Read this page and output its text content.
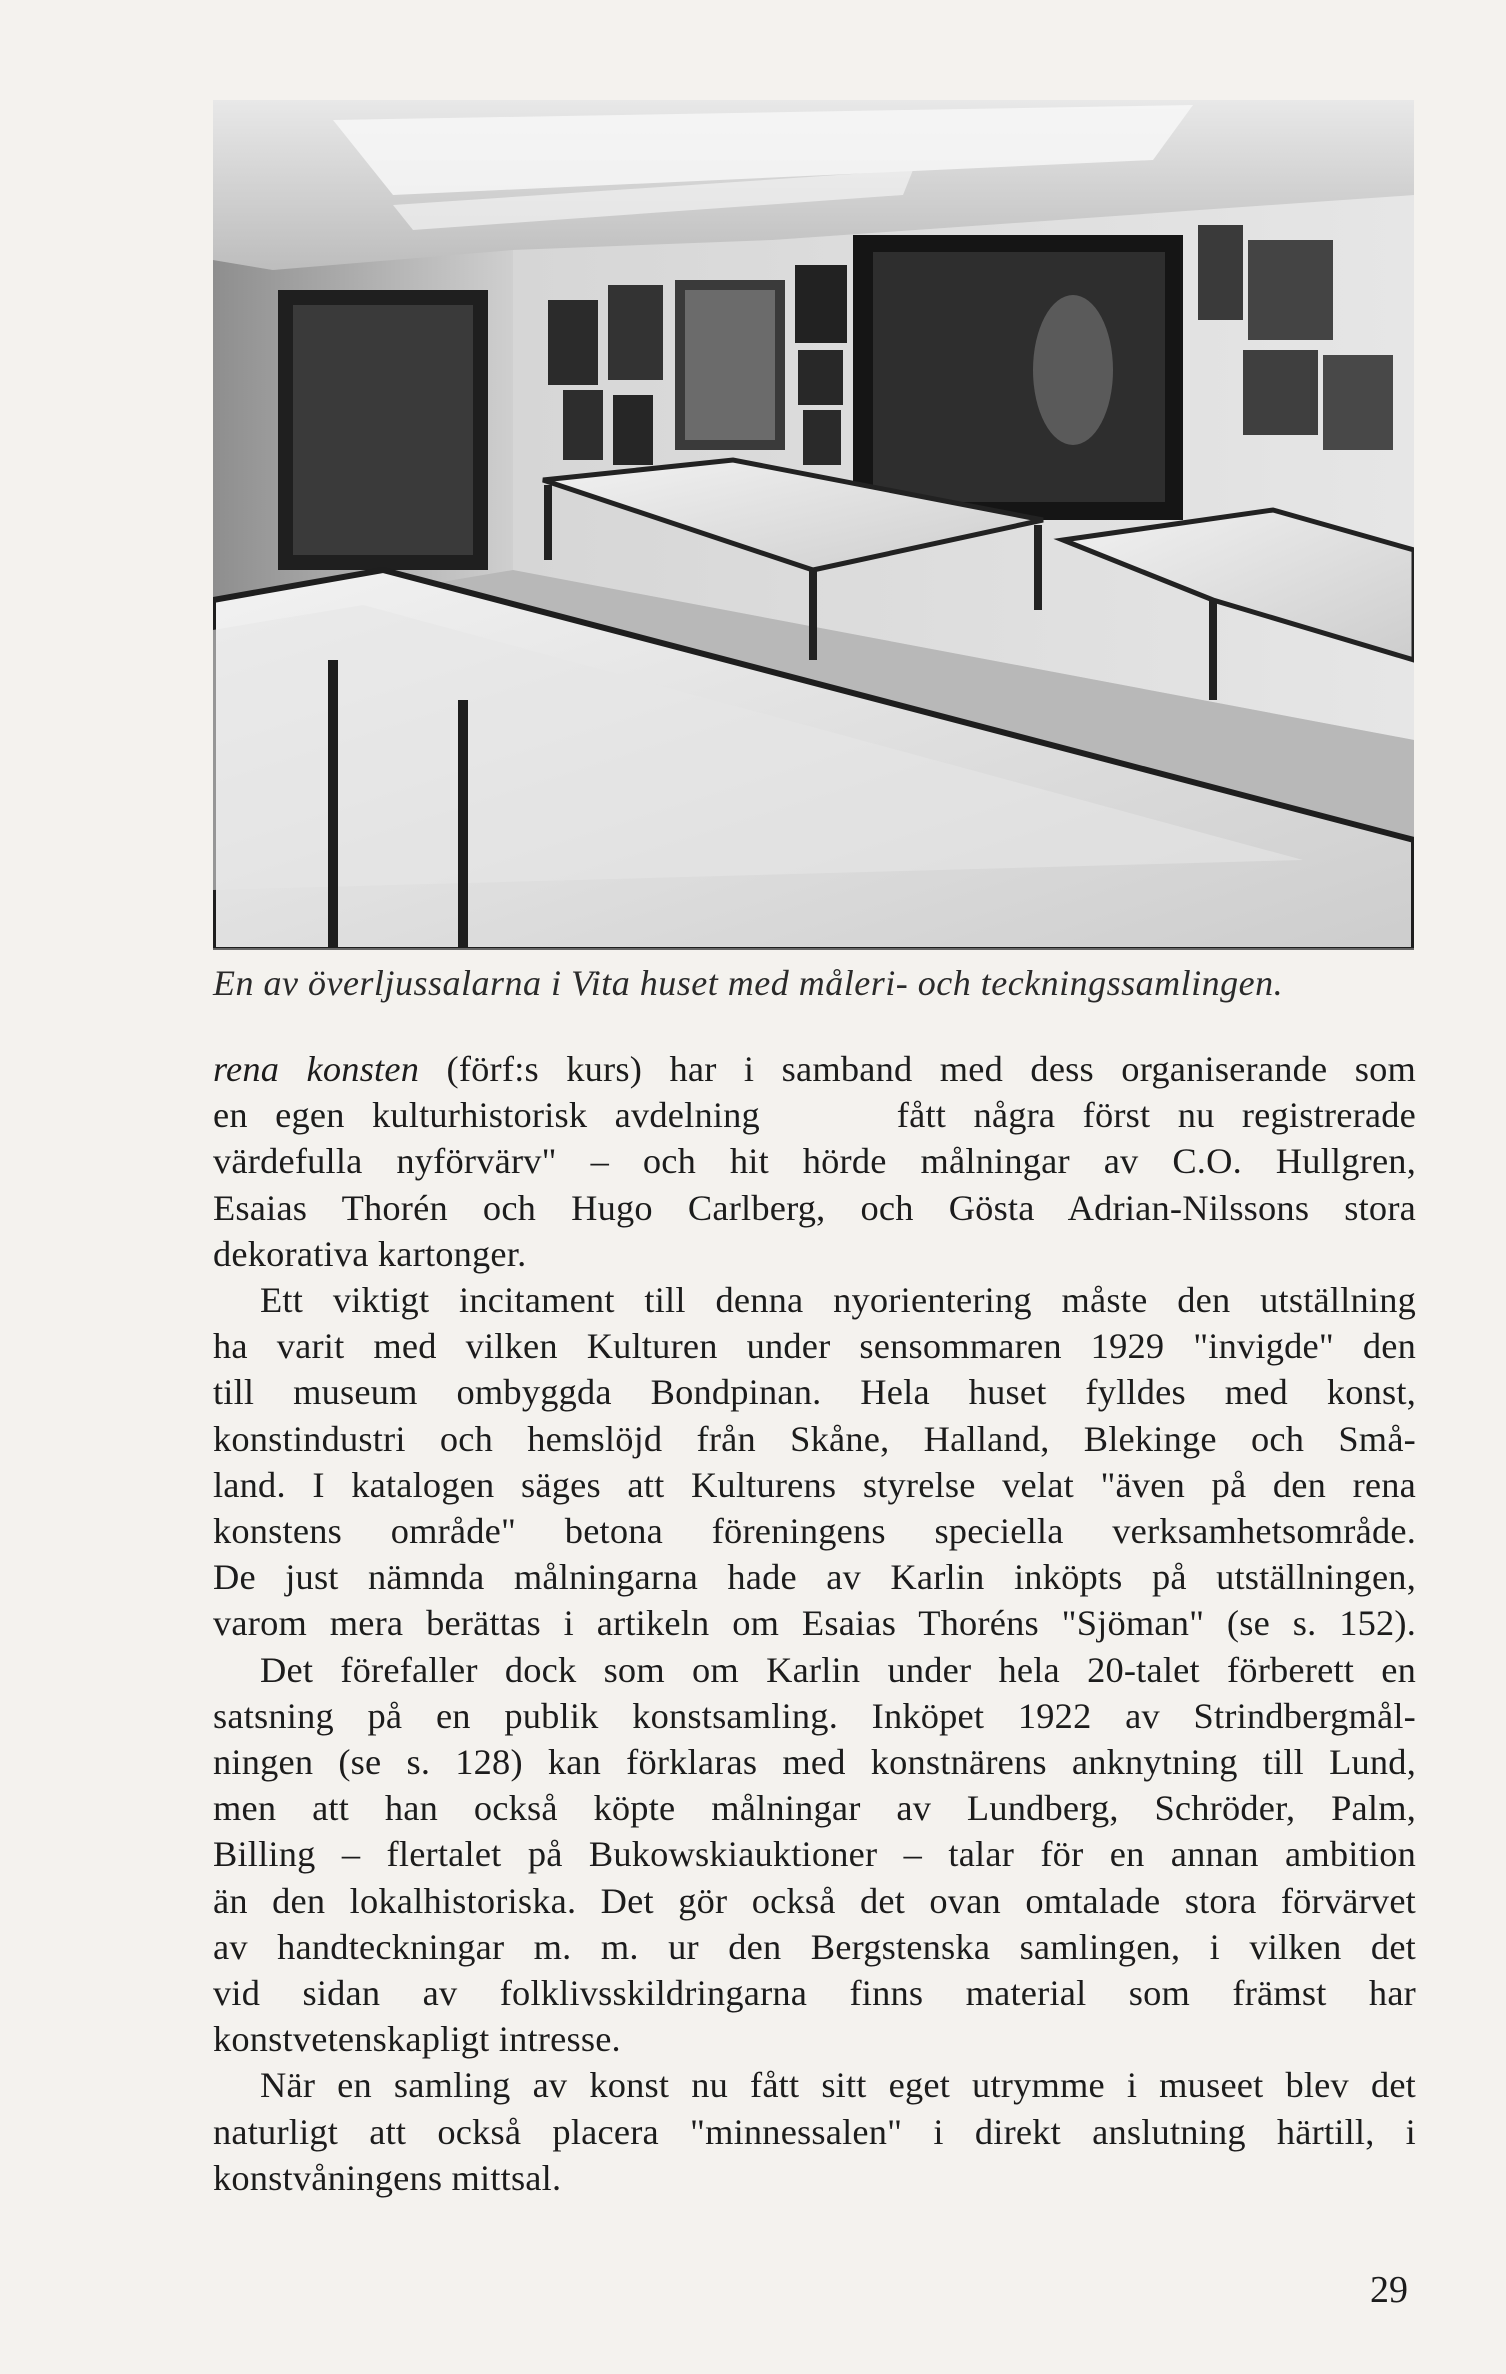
En av överljussalarna i Vita huset med måleri- och teckningssamlingen.

rena konsten (förf:s kurs) har i samband med dess organiserande som
en egen kulturhistorisk avdelning     fått några först nu registrerade
värdefulla nyförvärv" – och hit hörde målningar av C.O. Hullgren,
Esaias Thorén och Hugo Carlberg, och Gösta Adrian-Nilssons stora
dekorativa kartonger.

Ett viktigt incitament till denna nyorientering måste den utställning
ha varit med vilken Kulturen under sensommaren 1929 "invigde" den
till museum ombyggda Bondpinan. Hela huset fylldes med konst,
konstindustri och hemslöjd från Skåne, Halland, Blekinge och Små-
land. I katalogen säges att Kulturens styrelse velat "även på den rena
konstens område" betona föreningens speciella verksamhetsområde.
De just nämnda målningarna hade av Karlin inköpts på utställningen,
varom mera berättas i artikeln om Esaias Thoréns "Sjöman" (se s. 152).

Det förefaller dock som om Karlin under hela 20-talet förberett en
satsning på en publik konstsamling. Inköpet 1922 av Strindbergmål-
ningen (se s. 128) kan förklaras med konstnärens anknytning till Lund,
men att han också köpte målningar av Lundberg, Schröder, Palm,
Billing – flertalet på Bukowskiauktioner – talar för en annan ambition
än den lokalhistoriska. Det gör också det ovan omtalade stora förvärvet
av handteckningar m. m. ur den Bergstenska samlingen, i vilken det
vid sidan av folklivsskildringarna finns material som främst har
konstvetenskapligt intresse.

När en samling av konst nu fått sitt eget utrymme i museet blev det
naturligt att också placera "minnessalen" i direkt anslutning härtill, i
konstvåningens mittsal.

29
